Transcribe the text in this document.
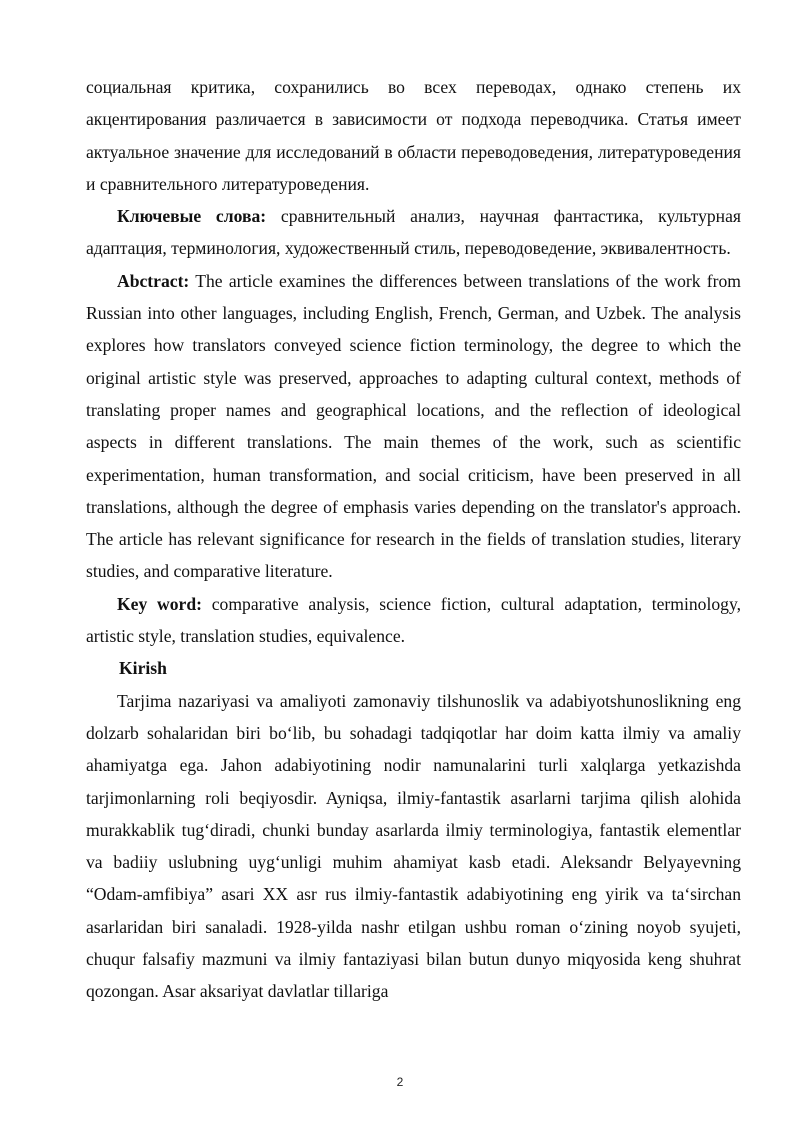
социальная критика, сохранились во всех переводах, однако степень их акцентирования различается в зависимости от подхода переводчика. Статья имеет актуальное значение для исследований в области переводоведения, литературоведения и сравнительного литературоведения.

Ключевые слова: сравнительный анализ, научная фантастика, культурная адаптация, терминология, художественный стиль, переводоведение, эквивалентность.

Abctract: The article examines the differences between translations of the work from Russian into other languages, including English, French, German, and Uzbek. The analysis explores how translators conveyed science fiction terminology, the degree to which the original artistic style was preserved, approaches to adapting cultural context, methods of translating proper names and geographical locations, and the reflection of ideological aspects in different translations. The main themes of the work, such as scientific experimentation, human transformation, and social criticism, have been preserved in all translations, although the degree of emphasis varies depending on the translator's approach. The article has relevant significance for research in the fields of translation studies, literary studies, and comparative literature.

Key word: comparative analysis, science fiction, cultural adaptation, terminology, artistic style, translation studies, equivalence.

Kirish

Tarjima nazariyasi va amaliyoti zamonaviy tilshunoslik va adabiyotshunoslikning eng dolzarb sohalaridan biri bo‘lib, bu sohadagi tadqiqotlar har doim katta ilmiy va amaliy ahamiyatga ega. Jahon adabiyotining nodir namunalarini turli xalqlarga yetkazishda tarjimonlarning roli beqiyosdir. Ayniqsa, ilmiy-fantastik asarlarni tarjima qilish alohida murakkablik tug‘diradi, chunki bunday asarlarda ilmiy terminologiya, fantastik elementlar va badiiy uslubning uyg‘unligi muhim ahamiyat kasb etadi. Aleksandr Belyayevning “Odam-amfibiya” asari XX asr rus ilmiy-fantastik adabiyotining eng yirik va ta‘sirchan asarlaridan biri sanaladi. 1928-yilda nashr etilgan ushbu roman o‘zining noyob syujeti, chuqur falsafiy mazmuni va ilmiy fantaziyasi bilan butun dunyo miqyosida keng shuhrat qozongan. Asar aksariyat davlatlar tillariga

2
